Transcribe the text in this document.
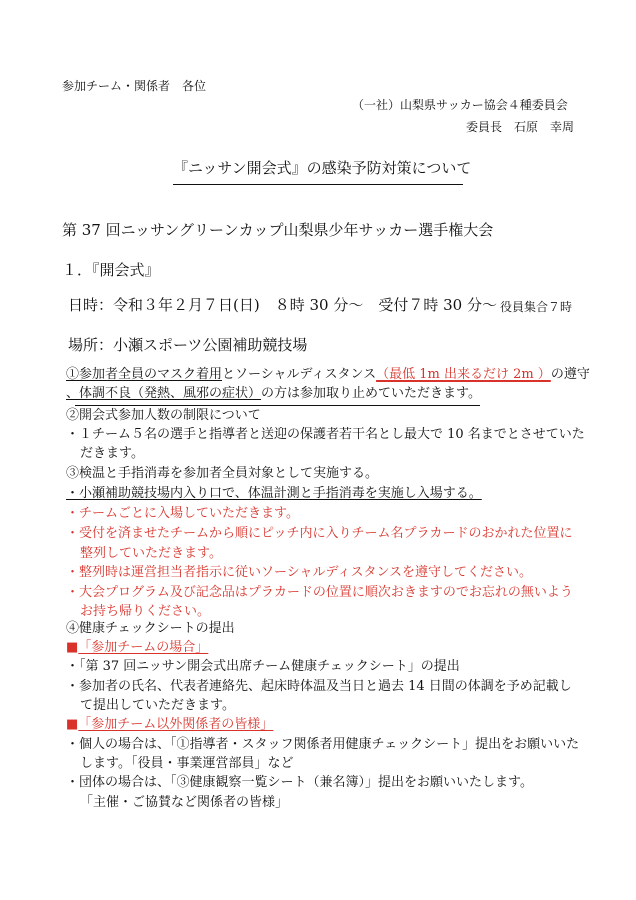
参加チーム・関係者　各位
（一社）山梨県サッカー協会４種委員会
委員長　石原　幸周
『ニッサン開会式』の感染予防対策について
第 37 回ニッサングリーンカップ山梨県少年サッカー選手権大会
１．『開会式』
日時：令和３年２月７日(日)　８時 30 分～　受付７時 30 分～ 役員集合７時
場所：小瀬スポーツ公園補助競技場
①参加者全員のマスク着用とソーシャルディスタンス（最低 1m 出来るだけ 2m ）の遵守
、体調不良（発熱、風邪の症状）の方は参加取り止めていただきます。
②開会式参加人数の制限について
・１チーム５名の選手と指導者と送迎の保護者若干名とし最大で 10 名までとさせていた
だきます。
③検温と手指消毒を参加者全員対象として実施する。
・小瀬補助競技場内入り口で、体温計測と手指消毒を実施し入場する。
・チームごとに入場していただきます。
・受付を済ませたチームから順にピッチ内に入りチーム名プラカードのおかれた位置に
整列していただきます。
・整列時は運営担当者指示に従いソーシャルディスタンスを遵守してください。
・大会プログラム及び記念品はプラカードの位置に順次おきますのでお忘れの無いよう
お持ち帰りください。
④健康チェックシートの提出
■「参加チームの場合」
・「第 37 回ニッサン開会式出席チーム健康チェックシート」の提出
・参加者の氏名、代表者連絡先、起床時体温及当日と過去 14 日間の体調を予め記載し
て提出していただきます。
■「参加チーム以外関係者の皆様」
・個人の場合は、「①指導者・スタッフ関係者用健康チェックシート」提出をお願いいた
します。「役員・事業運営部員」など
・団体の場合は、「③健康観察一覧シート（兼名簿）」提出をお願いいたします。
「主催・ご協賛など関係者の皆様」
